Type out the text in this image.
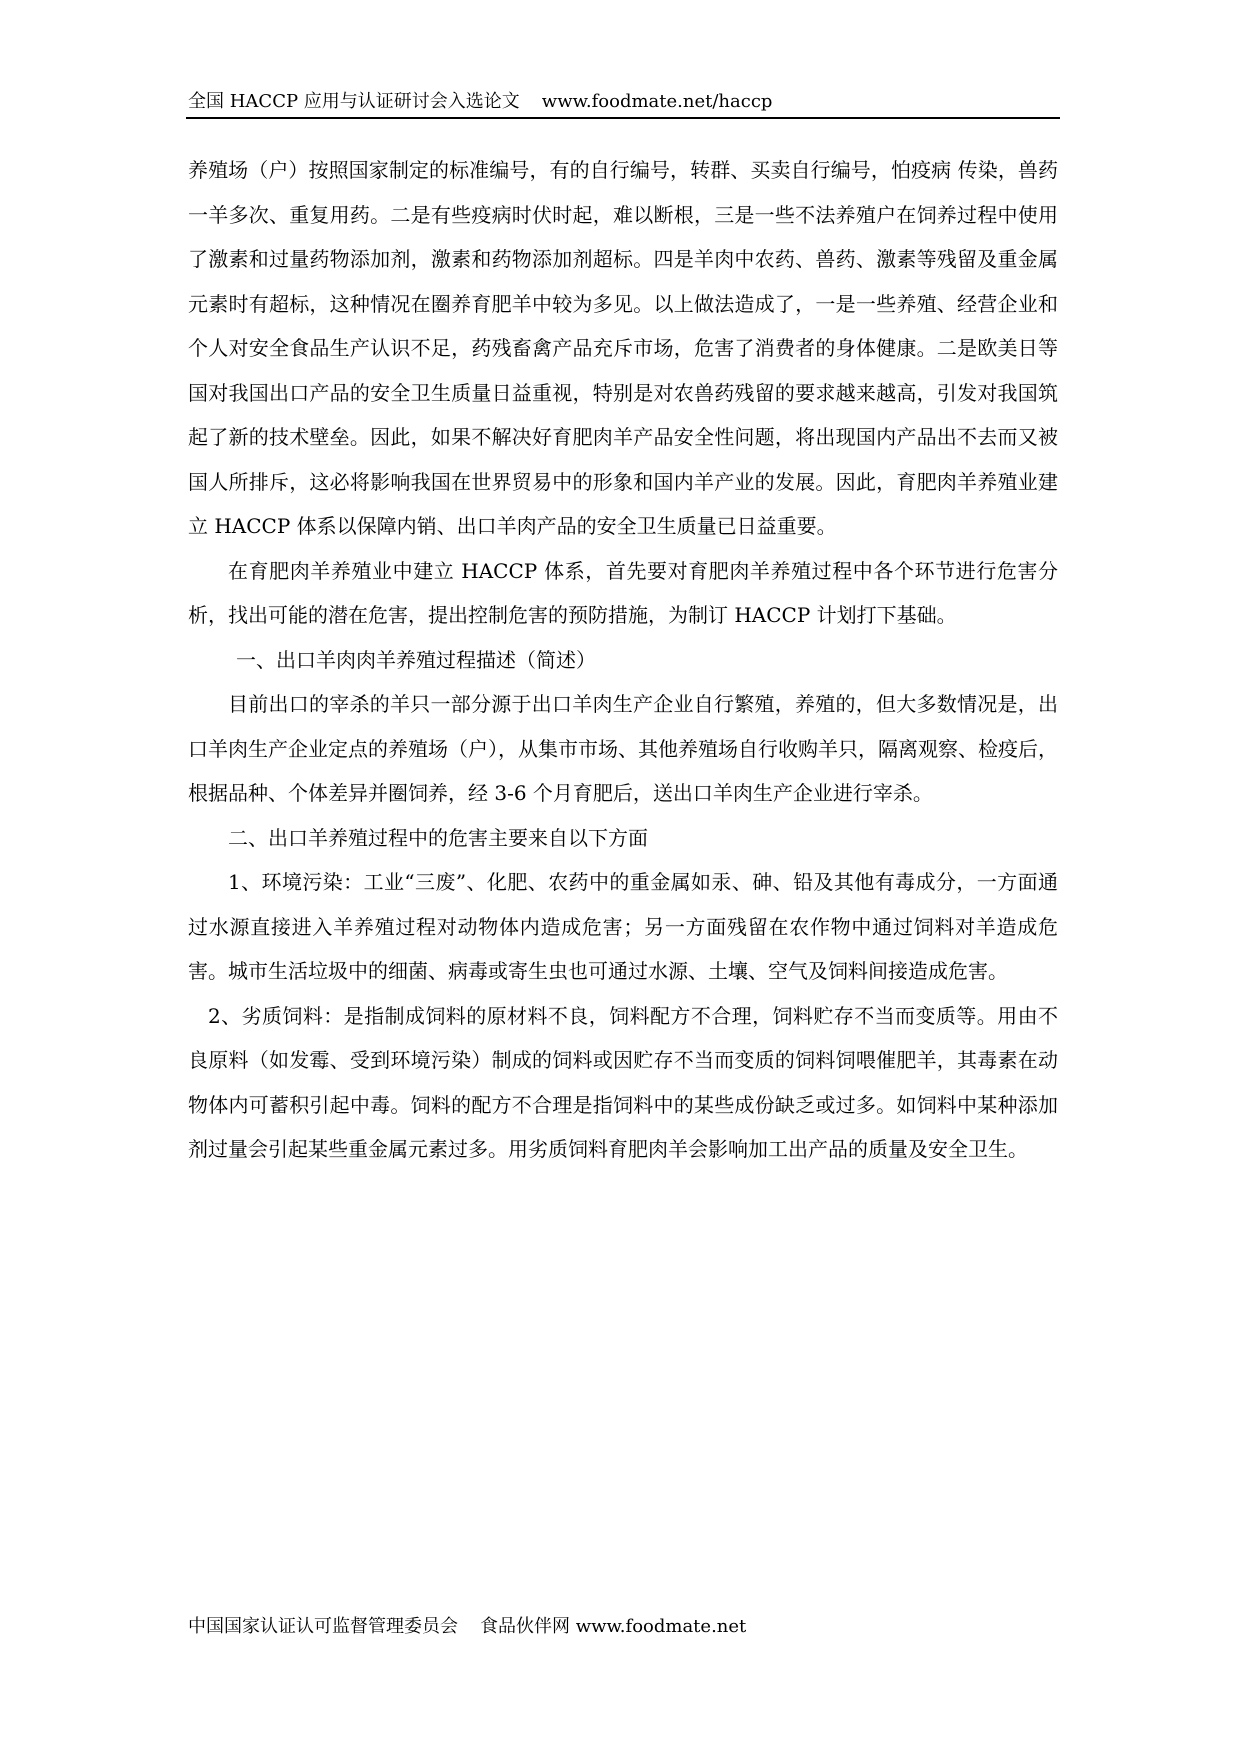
全国 HACCP 应用与认证研讨会入选论文 www.foodmate.net/haccp

养殖场（户）按照国家制定的标准编号，有的自行编号，转群、买卖自行编号，怕疫病 传染，兽药一羊多次、重复用药。二是有些疫病时伏时起，难以断根，三是一些不法养殖户在饲养过程中使用了激素和过量药物添加剂，激素和药物添加剂超标。四是羊肉中农药、兽药、激素等残留及重金属元素时有超标，这种情况在圈养育肥羊中较为多见。以上做法造成了，一是一些养殖、经营企业和个人对安全食品生产认识不足，药残畜禽产品充斥市场，危害了消费者的身体健康。二是欧美日等国对我国出口产品的安全卫生质量日益重视，特别是对农兽药残留的要求越来越高，引发对我国筑起了新的技术壁垒。因此，如果不解决好育肥肉羊产品安全性问题，将出现国内产品出不去而又被国人所排斥，这必将影响我国在世界贸易中的形象和国内羊产业的发展。因此，育肥肉羊养殖业建立 HACCP 体系以保障内销、出口羊肉产品的安全卫生质量已日益重要。

在育肥肉羊养殖业中建立 HACCP 体系，首先要对育肥肉羊养殖过程中各个环节进行危害分析，找出可能的潜在危害，提出控制危害的预防措施，为制订 HACCP 计划打下基础。

一、出口羊肉肉羊养殖过程描述（简述）

目前出口的宰杀的羊只一部分源于出口羊肉生产企业自行繁殖，养殖的，但大多数情况是，出口羊肉生产企业定点的养殖场（户），从集市市场、其他养殖场自行收购羊只，隔离观察、检疫后，根据品种、个体差异并圈饲养，经 3-6 个月育肥后，送出口羊肉生产企业进行宰杀。

二、出口羊养殖过程中的危害主要来自以下方面

1、环境污染：工业“三废”、化肥、农药中的重金属如汞、砷、铅及其他有毒成分，一方面通过水源直接进入羊养殖过程对动物体内造成危害；另一方面残留在农作物中通过饲料对羊造成危害。城市生活垃圾中的细菌、病毒或寄生虫也可通过水源、土壤、空气及饲料间接造成危害。

2、劣质饲料：是指制成饲料的原材料不良，饲料配方不合理，饲料贮存不当而变质等。用由不良原料（如发霉、受到环境污染）制成的饲料或因贮存不当而变质的饲料饲喂催肥羊，其毒素在动物体内可蓄积引起中毒。饲料的配方不合理是指饲料中的某些成份缺乏或过多。如饲料中某种添加剂过量会引起某些重金属元素过多。用劣质饲料育肥肉羊会影响加工出产品的质量及安全卫生。

中国国家认证认可监督管理委员会 食品伙伴网 www.foodmate.net
